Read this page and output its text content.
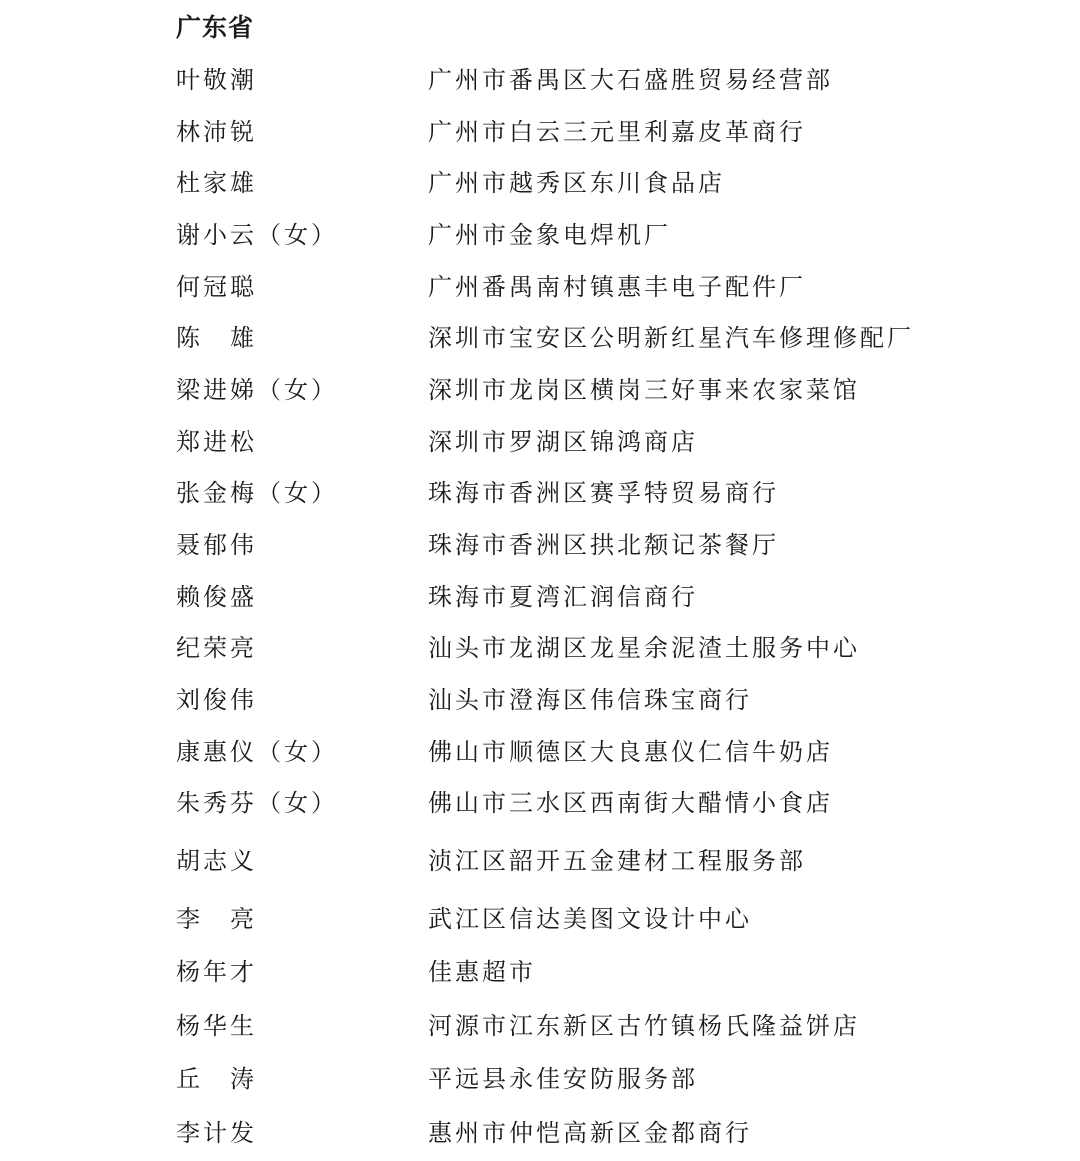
广东省
叶敬潮	广州市番禺区大石盛胜贸易经营部
林沛锐	广州市白云三元里利嘉皮革商行
杜家雄	广州市越秀区东川食品店
谢小云（女）	广州市金象电焊机厂
何冠聪	广州番禺南村镇惠丰电子配件厂
陈　雄	深圳市宝安区公明新红星汽车修理修配厂
梁进娣（女）	深圳市龙岗区横岗三好事来农家菜馆
郑进松	深圳市罗湖区锦鸿商店
张金梅（女）	珠海市香洲区赛孚特贸易商行
聂郁伟	珠海市香洲区拱北颒记茶餐厅
赖俊盛	珠海市夏湾汇润信商行
纪荣亮	汕头市龙湖区龙星余泥渣土服务中心
刘俊伟	汕头市澄海区伟信珠宝商行
康惠仪（女）	佛山市顺德区大良惠仪仁信牛奶店
朱秀芬（女）	佛山市三水区西南街大醋情小食店
胡志义	浈江区韶开五金建材工程服务部
李　亮	武江区信达美图文设计中心
杨年才	佳惠超市
杨华生	河源市江东新区古竹镇杨氏隆益饼店
丘　涛	平远县永佳安防服务部
李计发	惠州市仲恺高新区金都商行
